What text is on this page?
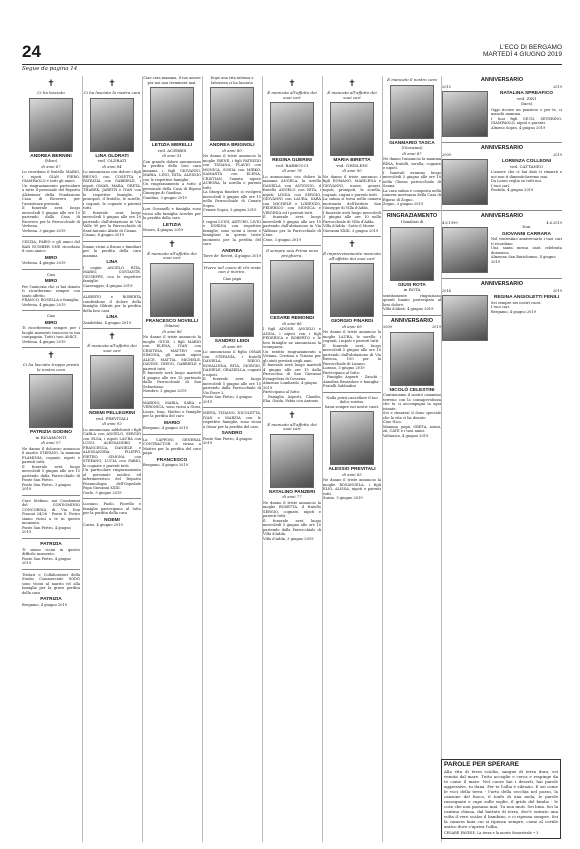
24	L'ECO DI BERGAMO
MARTEDÌ 4 GIUGNO 2019
Segue da pagina 14
✝
Ci ha lasciato
ANDREA BERNINI
(Miro)
di anni 67
Lo ricordano il fratello MARIO, i nipoti GIAN PIERO, GIAMPAOLO e tutti gli amici.
Un ringraziamento particolare a tutto il personale del Reparto Alzheimer della Fondazione Casa di Ricovero per l'assistenza prestata.
Il funerale avrà luogo mercoledì 5 giugno alle ore 10 partendo dalla Casa di Ricovero per la Parrocchiale di Verbena.
Verbena, 3 giugno 2019
CINZIA, FABIO e gli amici del BAR NUMBER ONE ricordano il caro amico
MIRO
Verbena, 4 giugno 2019
Ciao
MIRO
Per l'amicizia che ci hai donato ti ricorderemo sempre con tanto affetto.
FRANCO, ROSELLA e famiglia.
Verbena, 4 giugno 2019
Ciao
MIRO
Ti ricorderemo sempre per i luoghi momenti trascorsi in tua compagnia. Tutti i tuoi AMICI.
Verbena, 4 giugno 2019
✝
Ci ha lasciato troppo presto la nostra cara
PATRIZIA GODINO
in RIGAMONTI
di anni 57
Ne danno il doloroso annuncio il marito STEFANO, la mamma FLAMINIA, cognati, nipoti e parenti tutti.
Il funerale avrà luogo mercoledì 5 giugno alle ore 15 partendo dalla Parrocchiale di Ponte San Pietro.
Ponte San Pietro, 3 giugno 2019
Caro Stefano, noi Condomini del CONDOMINIO CONCORDIA di Via Don Pizzoni 24/26 - Ponte S. Pietro siamo vicini a te in questo momento.
Ponte San Pietro, 4 giugno 2019
PATRIZIA
Ti siamo vicini in questo difficile momento.
Ponte San Pietro, 4 giugno 2019
Titolari e Collaboratori della Studio Commerciale SODO sono vicini al marito ed alla famiglia per la grave perdita della cara
PATRIZIA
Bergamo, 4 giugno 2019
✝
Ci ha lasciato la nostra cara
LINA OLDRATI
ved. OLDRATI
di anni 84
Lo annunciano con dolore i figli BRUNO con COSETTA e PATRIZIA con GABRIELE, i nipoti OMAR, MARA, GRETA, THAREK, JARETH e IVAN con le rispettive famiglie, i pronipoti, il fratello, le sorelle, i cognati, le cognate e parenti tutti.
Il funerale avrà luogo mercoledì 5 giugno alle ore 10 partendo dall'abitazione in Via Valle 99 per la Parrocchiale di Sant'Antonio Abate di Cisano.
Cisano, 4 giugno 2019
Siamo vicini a Bruno e familiari per la perdita della cara mamma
LINA
I cugini ANGELO, RITA, MARIO, COSTANTE, GIUSEPPE, con le rispettive famiglie.
Caravaggio, 4 giugno 2019
ALBERTO e ROBERTA condividono il dolore della famiglia Oldrati per la perdita della loro cara
LINA
Zandobbio, 4 giugno 2019
✝
È mancata all'affetto dei suoi cari
NOEMI PELLEGRINI
ved. PREVITALI
di anni 92
Lo annunciano addolorati i figli CARLA con ANGELO, SERGIO con ELSA, i nipoti LAURA con LUIGI, ALESSANDRO e FRANCESCA, DANIELE e ALESSANDRA, FILIPPO, PIETRO, SIMONA con STEFANO, LUCIA con FABIO, le cognate e parenti tutti.
Un particolare ringraziamento al personale medico ed infermieristico del Reparto Pneumologia dell'Ospedale Papa Giovanni XXIII.
Gorle, 3 giugno 2019
Luciano, Paolo, Fiorella e famiglie partecipano al lutto per la perdita della cara
NOEMI
Curno, 4 giugno 2019
Ciao cara mamma, il tuo amore per noi non terminerà mai.
LETIZIA MERELLI
ved. ACERBIS
di anni 91
Con grande dolore annunciano la perdita della loro cara mamma i figli GIOVANNI, MARIA, LINO, RITA, ALESSIO con le rispettive famiglie.
Un ringraziamento a tutto il personale della Casa di Riposo Giuseppe di Gandino.
Gandino, 3 giugno 2019
Lori Govanelli e famiglia sono vicini alla famiglia Acerbis per la perdita della cara
LETIZIA
Mozzo, 4 giugno 2019
✝
È mancato all'affetto dei suoi cari
FRANCESCO NOVELLI
(Mario)
di anni 86
Ne danno il triste annuncio la moglie GIUSI, i figli MARIO con ELENA, IVAN con CRISTINA, MATTEO con SIMONA, gli amati nipoti ALICE, MATTIA, MICHELE, DAVIDE, DIEGO, GABRIELE e parenti tutti.
Il funerale avrà luogo martedì 4 giugno alle ore 15 partendo dalla Parrocchiale di San Sebastiano.
Nembro, 3 giugno 2019
MARINO, MARIA, SARA e VERONICA, sono vicini a Giusi, Laura, Ivan, Matteo e famiglie per la perdita del caro
MARIO
Bergamo, 4 giugno 2019
La CAPPONI GENERAL CONTRACTOR è vicina a Matteo per la perdita del caro papà
FRANCESCO
Bergamo, 4 giugno 2019
Dopo una vita intensa e laboriosa ci ha lasciato
ANDREA BRIGNOLI
di anni 80
Ne danno il triste annuncio la moglie IRENE, i figli PATRIZIO con TIZIANA, FLAVIO con MONICA, SONIA con MIRKO, SAMANTA con ELENA, CRISTIAN, l'amata nipote AURORA, la sorella e parenti tutti.
La liturgia funebre si svolgerà mercoledì 5 giugno alle ore 15 nella Parrocchiale di Cenate Sopra.
Cenate Sopra, 3 giugno 2019
I cugini LUIGI, ARTURO, LIVIO e DORINA con rispettive famiglie, sono vicini a Irene e famigliari in questo triste momento per la perdita del caro
ANDREA
Torre de' Roveri, 4 giugno 2019
Vivere nel cuore di chi resta non è morire.
Ciao papà
SANDRO LEIDI
di anni 89
Lo annunciano il figlio OMAR con STEFANIA, i fratelli DANIELA, DIEGO, ROSALINDA, RITA, GIORGIO, DANIELE, GRAZIELLA, cognati e nipoti.
Il funerale avrà luogo mercoledì 5 giugno alle ore 15 partendo dalla Parrocchiale di Via Piave 2.
Ponte San Pietro, 3 giugno 2019
MIRTA, TIZIANO, NICOLETTA, IVAN e MARZIA con le rispettive famiglie, sono vicini a Omar per la perdita del caro
SANDRO
Ponte San Pietro, 4 giugno 2019
✝
È mancata all'affetto dei suoi cari
REGINA GUERINI
ved. BARBOCCI
di anni 78
Lo annunciano con dolore la mamma ANGELA, la sorella DANIELA con ANTONIO, il fratello ANGELO con RITA, i nipoti LINDA con SERGIO, GIOVANNI con LAURA, SARA con MICHELE e LORENZO, FEDERICO con MONICA e VIRGINIA ed i parenti tutti.
Il funerale avrà luogo mercoledì 5 giugno alle ore 15 partendo dall'abitazione in Via Valbona per la Parrocchiale di Cene.
Cene, 3 giugno 2019
Il sempre una Prima nera preghiera.
CESARE REMONDI
di anni 86
I figli ADONE, ANGELO e ANNA, i nipoti con i figli FEDERICA e ROBERTO e le loro famiglie ne annunciano la scomparsa.
Un sentito ringraziamento a Viviana, Cristina e Tiziana per gli aiuti prestati negli anni.
Il funerale avrà luogo martedì 4 giugno alle ore 15 dalla Parrocchia di San Giovanni Evangelista di Dossena.
Almenno Lombardo, 4 giugno 2019
Partecipano al lutto:
- Famiglia Asperti, Claudio, Elia, Giada, Fabio con Antonio
✝
È mancato all'affetto dei suoi cari
NATALINO PANZERI
di anni 77
Ne danno il triste annuncio la moglie ROSETTA, il fratello SERGIO, cognate, nipoti e parenti tutti.
Il funerale avrà luogo mercoledì 5 giugno alle ore 10 partendo dalla Parrocchiale di Villa d'Adda.
Villa d'Adda, 3 giugno 2019
✝
È mancata all'affetto dei suoi cari
MARIA BIRETTA
ved. GHISLENI
di anni 90
Ne danno il triste annuncio i figli ROMANO, MARILENA e GIOVANNI, nuore, generi, nipoti, pronipoti, la sorella, cognati, cugini e parenti tutti.
La salma si trova nella camera mortuaria dell'Istituto San Giuseppe di Villa d'Adda.
I funerale avrà luogo mercoledì 5 giugno alle ore 10 nella Parrocchiale di Villa d'Adda.
Villa d'Adda - Sotto il Monte Giovanni XXIII, 3 giugno 2019
✝
È improvvisamente mancato all'affetto dei suoi cari
GIORGIO FINARDI
di anni 69
Ne danno il triste annuncio la moglie LAURA, le sorelle, i cognati, i nipoti e parenti tutti.
Il funerale avrà luogo mercoledì 5 giugno alle ore 10 partendo dall'abitazione di Via Brescia, 100 per la Parrocchiale di Lurano.
Lurano, 3 giugno 2019
Partecipano al lutto:
- Famiglie Asperti - Zanchi - Annalisa Brusadore e famiglia - Fratelli Sabbadini
Nulla potrà cancellare il tuo dolce sorriso.
Sarai sempre nei nostri cuori.
ALESSIO PREVITALI
di anni 65
Ne danno il triste annuncio la moglie ROSANGELA, i figli ELIO, ALISSA, nipoti e parenti tutti.
Suisio, 3 giugno 2019
È mancato il nostro caro
GIANMARIO TASCA
(Giovanni)
di anni 87
Ne danno l'annuncio la mamma RINA, fratelli, sorella, cognate e nipoti.
I funerali avranno luogo mercoledì 5 giugno alle ore 10 nella Chiesa parrocchiale di Senna.
La cara salma è composta nella camera mortuaria della Casa di Riposo di Zogno.
Zogno, 3 giugno 2019
RINGRAZIAMENTO
I familiari di
GIUSI ROTA
in ROTA
sentitamente ringraziano quanti hanno partecipato al loro dolore.
Villa d'Almè, 4 giugno 2019
ANNIVERSARIO
2009	2019
NICOLÒ CELESTINI
Continuiamo il nostro cammino terreno con la consapevolezza che tu ci accompagni in ogni istante.
Sei e rimarrai il dono speciale che la vita ci ha donato.
Ciao Nico.
Mamma, papà, GRETA, nonni, zii, CATE e i tuoi amici.
Valtanica, 4 giugno 2019
ANNIVERSARIO
2015	2019
NATALINA SPREAFICO
ved. ZINI
(Ines)
Oggi ricorre un pensiero e per te, ci manchi mamma.
I tuoi figli GIUSI, SEVERINO, GIAMPAOLO, nipoti e parenti.
Almeno Sopra, 4 giugno 2019
ANNIVERSARIO
2009	2019
LORENZA COLLEONI
ved. CATTANEO
L'amore che ci hai dato ti rimarrà e noi non ti dimenticheremo mai.
Da Lassù veglia su tutti noi.
I tuoi cari.
Pontida, 4 giugno 2019
ANNIVERSARIO
4.6.1999	4.6.2019
Don
GIOVANNI CARRARA
Nel ventesimo anniversario i tuoi cari ti ricordano.
Una santa messa sarà celebrata domenica.
Almenno San Bartolomeo, 4 giugno 2019
ANNIVERSARIO
2014	2019
REGINA ANGIOLETTI FENILI
Sei sempre nei nostri cuori.
I tuoi cari.
Bergamo, 4 giugno 2019
PAROLE PER SPERARE
Alla vita di terra sciolta, sangue di terra dura, sei venuta dal mare. Tutto accoglie e cerca e respinge da te come il mare. Nel cuore hai i deserti, hai parole aggressive, tu duna. Per te l'alba è silenzio. E sei come le voci della terra - l'urto della secchia nel pozzo, la canzone del fuoco, il tonfo di una mela; le parole rassegnate e cupe sulle soglie, il grido del bimbo - le cose che non passano mai. Tu non muti. Sei buia. Sei la cantina chiusa, dal battuto di terra, dov'è entrato una volta il vero scalzo il bambino, e ci ripensa sempre. Sei la camera buia cui si ripensa sempre, come al cortile antico dove s'apriva l'alba.
CESARE PAVESE, La terra e la morte Semestrale • 3
